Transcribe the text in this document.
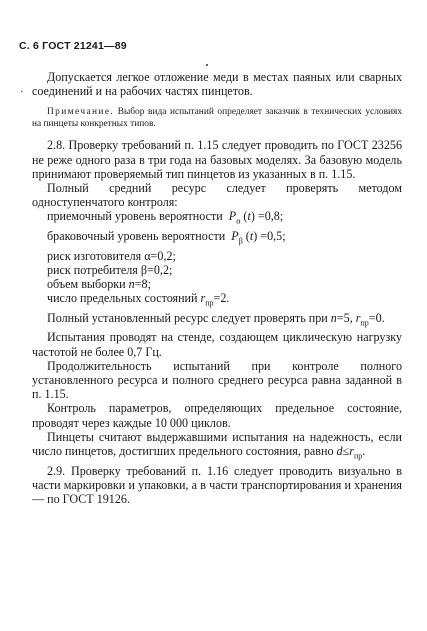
С. 6 ГОСТ 21241—89
·

Допускается легкое отложение меди в местах паяных или сварных соединений и на рабочих частях пинцетов.

Примечание. Выбор вида испытаний определяет заказчик в технических условиях на пинцеты конкретных типов.

2.8. Проверку требований п. 1.15 следует проводить по ГОСТ 23256 не реже одного раза в три года на базовых моделях. За базовую модель принимают проверяемый тип пинцетов из указанных в п. 1.15.

Полный средний ресурс следует проверять методом одноступенчатого контроля:

приемочный уровень вероятности $P_\alpha$ (t) =0,8;
браковочный уровень вероятности $P_\beta$ (t) =0,5;
риск изготовителя α=0,2;
риск потребителя β=0,2;
объем выборки n=8;
число предельных состояний $r_{пр}=2$.

Полный установленный ресурс следует проверять при n=5, $r_{пр}=0$.

Испытания проводят на стенде, создающем циклическую нагрузку частотой не более 0,7 Гц.

Продолжительность испытаний при контроле полного установленного ресурса и полного среднего ресурса равна заданной в п. 1.15.

Контроль параметров, определяющих предельное состояние, проводят через каждые 10 000 циклов.

Пинцеты считают выдержавшими испытания на надежность, если число пинцетов, достигших предельного состояния, равно $d\le r_{пр}$.

2.9. Проверку требований п. 1.16 следует проводить визуально в части маркировки и упаковки, а в части транспортирования и хранения — по ГОСТ 19126.
